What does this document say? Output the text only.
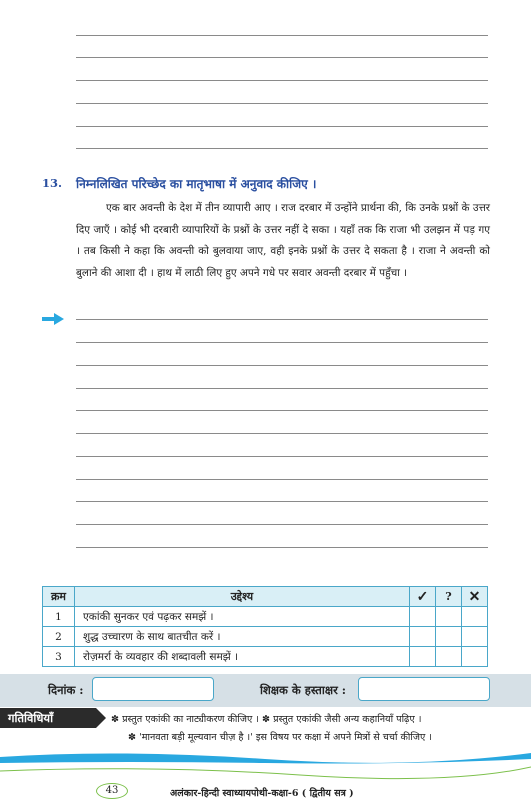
13. निम्नलिखित परिच्छेद का मातृभाषा में अनुवाद कीजिए ।

एक बार अवन्ती के देश में तीन व्यापारी आए । राज दरबार में उन्होंने प्रार्थना की, कि उनके प्रश्नों के उत्तर दिए जाएँ । कोई भी दरबारी व्यापारियों के प्रश्नों के उत्तर नहीं दे सका । यहाँ तक कि राजा भी उलझन में पड़ गए । तब किसी ने कहा कि अवन्ती को बुलवाया जाए, वही इनके प्रश्नों के उत्तर दे सकता है । राजा ने अवन्ती को बुलाने की आशा दी । हाथ में लाठी लिए हुए अपने गधे पर सवार अवन्ती दरबार में पहुँचा ।

क्रम	उद्देश्य	✓	?	✕
1	एकांकी सुनकर एवं पढ़कर समझें ।			
2	शुद्ध उच्चारण के साथ बातचीत करें ।			
3	रोज़मर्रा के व्यवहार की शब्दावली समझें ।			
दिनांक :	शिक्षक के हस्ताक्षर :
गतिविधियाँ	✽ प्रस्तुत एकांकी का नाट्यीकरण कीजिए । ✽ प्रस्तुत एकांकी जैसी अन्य कहानियाँ पढ़िए ।
✽ 'मानवता बड़ी मूल्यवान चीज़ है ।' इस विषय पर कक्षा में अपने मित्रों से चर्चा कीजिए ।
43	अलंकार-हिन्दी स्वाध्यायपोथी-कक्षा-6 ( द्वितीय सत्र )
